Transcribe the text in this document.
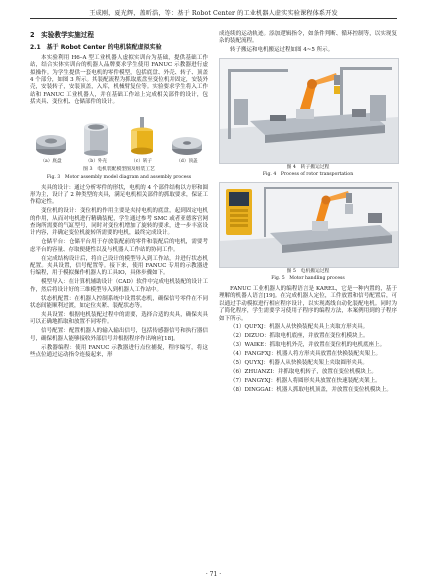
王成刚，夏光辉，盖昕浩，等：基于 Robot Center 的工业机器人虚实实验课程体系开发
2　实验教学实施过程
2.1　基于 Robot Center 的电机装配虚拟实验

本实验利用 H6–A 型工业机器人虚拟实训台为基础，提供基础工作站，结合实体实训台的机器人品牌要求学生使用 FANUC 示教器进行虚拟操作。为学生提供一套电机的零件模型，包括底盘、外壳、转子、顶盖 4 个部分，如图 3 所示。其装配流程为抓取底盘至变位机并固定，安装外壳，安装转子，安装顶盖，入库，机械臂复位等。实验要求学生将入工作站和 FANUC 工业机器人，并在基础工作站上完成相关部件的设计，包括夹具、变位机、仓储部件的设计。

（a）底盘	（b）外壳	（c）转子	（d）顶盖
图 3　电机装配模型图及组装工艺
Fig. 3　Motor assembly model diagram and assembly process

夹具的设计：通过分析零件的形状，电机的 4 个部件结构以方形和圆形为主，设计了 2 种类型的夹具，满足电机相关部件的抓取要求，保证工作稳定性。

变位机的设计：变位机的作用主要是夹持电机的底盘，起到固定电机的作用，从而对电机进行精确装配，学生通过参考 SMC 或者亚德客官网查询所需要的气缸型号，同时对变位机增加了旋转的要求，进一步丰富设计内容，并确定变位机旋转所需要的电机，最终完成设计。

仓储平台：仓储平台用于存放装配前的零件和装配后的电机，需要考虑平台的容量、存取便捷性以及与机器人工作站的协同工作。

在完成结构设计后，将自己设计的模型导入到工作站，并进行状态机配置。夹具设置，信号配置等。接下来，使用 FANUC 专用的示教器进行编程，用于模拟操作机器人的工具IO，具体步骤如下。

模型导入：在计算机辅助设计（CAD）软件中完成电机装配的设计工作，然后将设计好的三维模型导入到机器人工作站中。

状态机配置：在机器人控制系统中设置状态机，确保信号零件在不同状态间能顺利过渡，如定位夹紧、装配状态等。

夹具设置：根据电机装配过程中的需要，选择合适的夹具，确保夹具可以正确地抓取和放置不同零件。

信号配置：配置机器人的输入输出信号，包括传感器信号和执行器信号，确保机器人能够接收外部信号并根据程序作出响应[18]。

示教器编程：使用 FANUC 示教器进行点位捕捉，程序编写，将这些点位通过运动指令连接起来，形

成连续的运动轨迹。添加逻辑指令，如条件判断、循环控制等，以实现复杂的装配流程。

转子搬运和电机搬运过程如图 4~5 所示。

图 4　转子搬运过程
Fig. 4　Process of rotor transportation
图 5　电机搬运过程
Fig. 5　Motor handling process

FANUC 工业机器人的编程语言是 KAREL，它是一种内置的，基于理解的机器人语言[19]。在完成机器人定位，工件放置和信号配置后，可以通过手动模拟进行相应程序设计，以实现离线自动化装配电机。同时为了简化程序，学生需要学习使用子程序的编程方法，本案例用到的子程序如下所示。

（1）QUFXJ：机器人从快换装配夹具上夹取方形夹具。

（2）DIZUO：抓取电机底座，并放置在变位机模块上。

（3）WAIKE：抓取电机外壳，并放置在变位机的电机底座上。

（4）FANGFXJ：机器人将方形夹具放置在快换装配夹架上。

（5）QUYXJ：机器人从快换装配夹架上夹取圆形夹具。

（6）ZHUANZI：并抓取电机转子，放置在变位机模块上。

（7）FANGYXJ：机器人将圆形夹具放置在快速装配夹架上。

（8）DINGGAI：机器人抓取电机顶盖，并放置在变位机模块上。

· 71 ·
